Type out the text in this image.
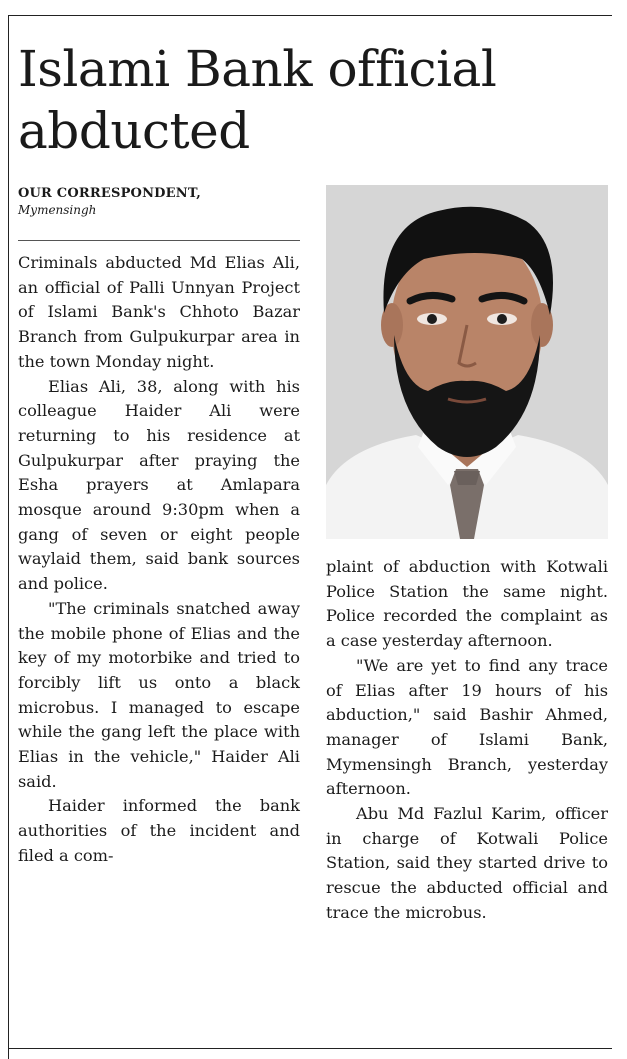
Islami Bank official abducted
OUR CORRESPONDENT,
Mymensingh

Criminals abducted Md Elias Ali, an official of Palli Unnyan Project of Islami Bank's Chhoto Bazar Branch from Gulpukurpar area in the town Monday night.

Elias Ali, 38, along with his colleague Haider Ali were returning to his residence at Gulpukurpar after praying the Esha prayers at Amlapara mosque around 9:30pm when a gang of seven or eight people waylaid them, said bank sources and police.

"The criminals snatched away the mobile phone of Elias and the key of my motorbike and tried to forcibly lift us onto a black microbus. I managed to escape while the gang left the place with Elias in the vehicle," Haider Ali said.

Haider informed the bank authorities of the incident and filed a com-

plaint of abduction with Kotwali Police Station the same night. Police recorded the complaint as a case yesterday afternoon.

"We are yet to find any trace of Elias after 19 hours of his abduction," said Bashir Ahmed, manager of Islami Bank, Mymensingh Branch, yesterday afternoon.

Abu Md Fazlul Karim, officer in charge of Kotwali Police Station, said they started drive to rescue the abducted official and trace the microbus.
